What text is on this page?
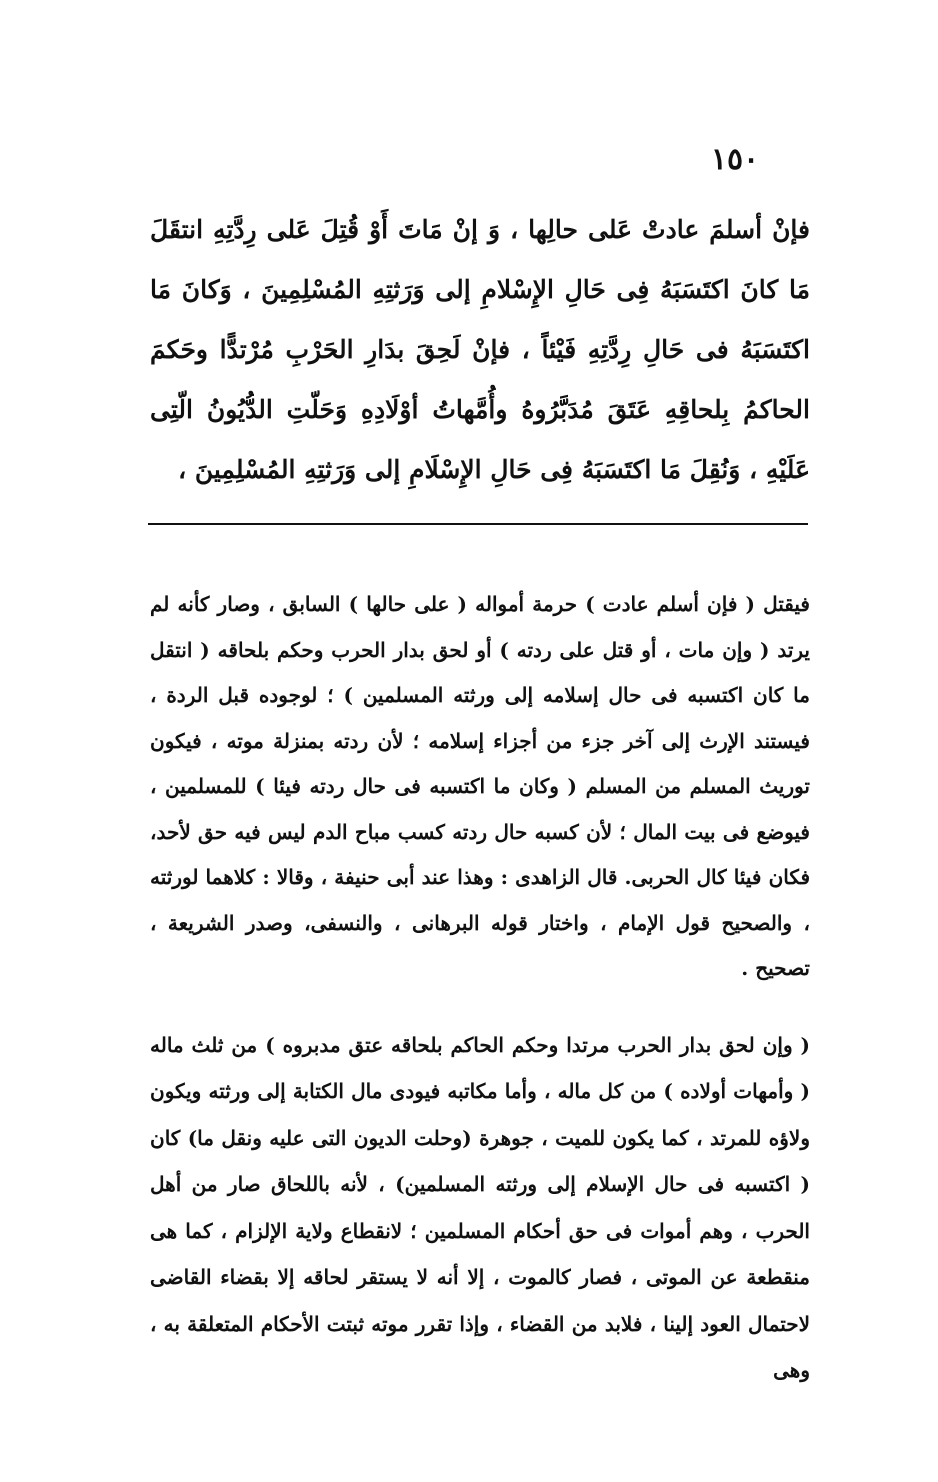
١٥٠
فإنْ أسلمَ عادتْ عَلى حالِها ، وَ إنْ مَاتَ أَوْ قُتِلَ عَلى رِدَّتِهِ انتقَلَ مَا كانَ اكتَسَبَهُ فِى حَالِ الإِسْلامِ إلى وَرَثتِهِ المُسْلِمِينَ ، وَكانَ مَا اكتَسَبَهُ فى حَالِ رِدَّتِهِ فَيْئاً ، فإنْ لَحِقَ بدَارِ الحَرْبِ مُرْتدًّا وحَكمَ الحاكمُ بِلحاقِهِ عَتَقَ مُدَبَّرُوهُ وأُمَّهاتُ أوْلَادِهِ وَحَلّتِ الدُّيُونُ الّتِى عَلَيْهِ ، وَنُقِلَ مَا اكتَسَبَهُ فِى حَالِ الإِسْلَامِ إلى وَرَثتِهِ المُسْلِمِينَ ،

فيقتل ( فإن أسلم عادت ) حرمة أمواله ( على حالها ) السابق ، وصار كأنه لم يرتد ( وإن مات ، أو قتل على ردته ) أو لحق بدار الحرب وحكم بلحاقه ( انتقل ما كان اكتسبه فى حال إسلامه إلى ورثته المسلمين ) ؛ لوجوده قبل الردة ، فيستند الإرث إلى آخر جزء من أجزاء إسلامه ؛ لأن ردته بمنزلة موته ، فيكون توريث المسلم من المسلم ( وكان ما اكتسبه فى حال ردته فيئا ) للمسلمين ، فيوضع فى بيت المال ؛ لأن كسبه حال ردته كسب مباح الدم ليس فيه حق لأحد، فكان فيئا كال الحربى. قال الزاهدى : وهذا عند أبى حنيفة ، وقالا : كلاهما لورثته ، والصحيح قول الإمام ، واختار قوله البرهانى ، والنسفى، وصدر الشريعة ، تصحيح .

( وإن لحق بدار الحرب مرتدا وحكم الحاكم بلحاقه عتق مدبروه ) من ثلث ماله ( وأمهات أولاده ) من كل ماله ، وأما مكاتبه فيودى مال الكتابة إلى ورثته ويكون ولاؤه للمرتد ، كما يكون للميت ، جوهرة (وحلت الديون التى عليه ونقل ما) كان ( اكتسبه فى حال الإسلام إلى ورثته المسلمين) ، لأنه باللحاق صار من أهل الحرب ، وهم أموات فى حق أحكام المسلمين ؛ لانقطاع ولاية الإلزام ، كما هى منقطعة عن الموتى ، فصار كالموت ، إلا أنه لا يستقر لحاقه إلا بقضاء القاضى لاحتمال العود إلينا ، فلابد من القضاء ، وإذا تقرر موته ثبتت الأحكام المتعلقة به ، وهى
